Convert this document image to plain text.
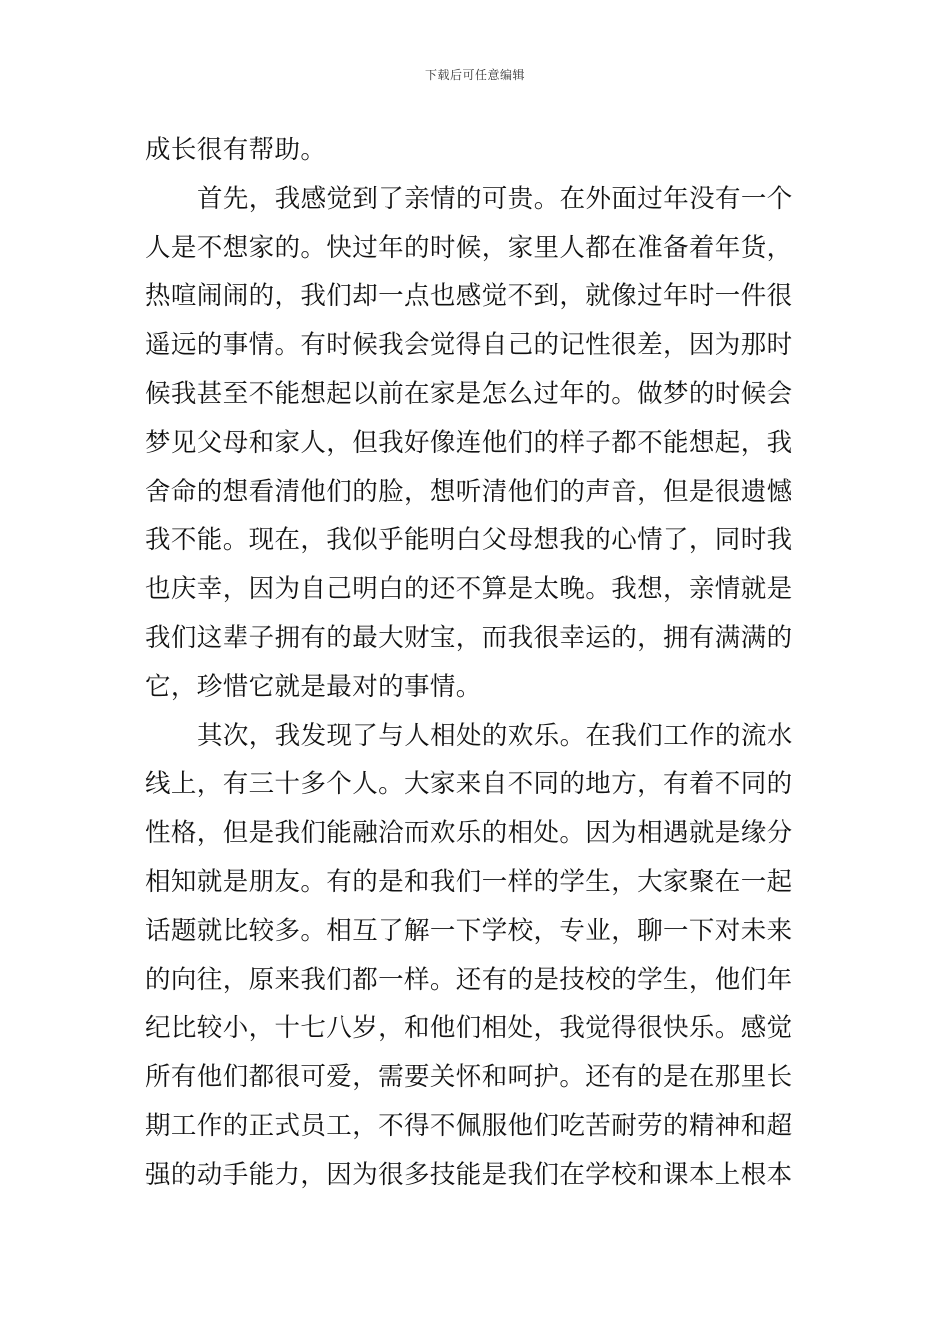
下载后可任意编辑
成长很有帮助。
首先，我感觉到了亲情的可贵。在外面过年没有一个
人是不想家的。快过年的时候，家里人都在准备着年货，
热喧闹闹的，我们却一点也感觉不到，就像过年时一件很
遥远的事情。有时候我会觉得自己的记性很差，因为那时
候我甚至不能想起以前在家是怎么过年的。做梦的时候会
梦见父母和家人，但我好像连他们的样子都不能想起，我
舍命的想看清他们的脸，想听清他们的声音，但是很遗憾
我不能。现在，我似乎能明白父母想我的心情了，同时我
也庆幸，因为自己明白的还不算是太晚。我想，亲情就是
我们这辈子拥有的最大财宝，而我很幸运的，拥有满满的
它，珍惜它就是最对的事情。
其次，我发现了与人相处的欢乐。在我们工作的流水
线上，有三十多个人。大家来自不同的地方，有着不同的
性格，但是我们能融洽而欢乐的相处。因为相遇就是缘分
相知就是朋友。有的是和我们一样的学生，大家聚在一起
话题就比较多。相互了解一下学校，专业，聊一下对未来
的向往，原来我们都一样。还有的是技校的学生，他们年
纪比较小，十七八岁，和他们相处，我觉得很快乐。感觉
所有他们都很可爱，需要关怀和呵护。还有的是在那里长
期工作的正式员工，不得不佩服他们吃苦耐劳的精神和超
强的动手能力，因为很多技能是我们在学校和课本上根本
